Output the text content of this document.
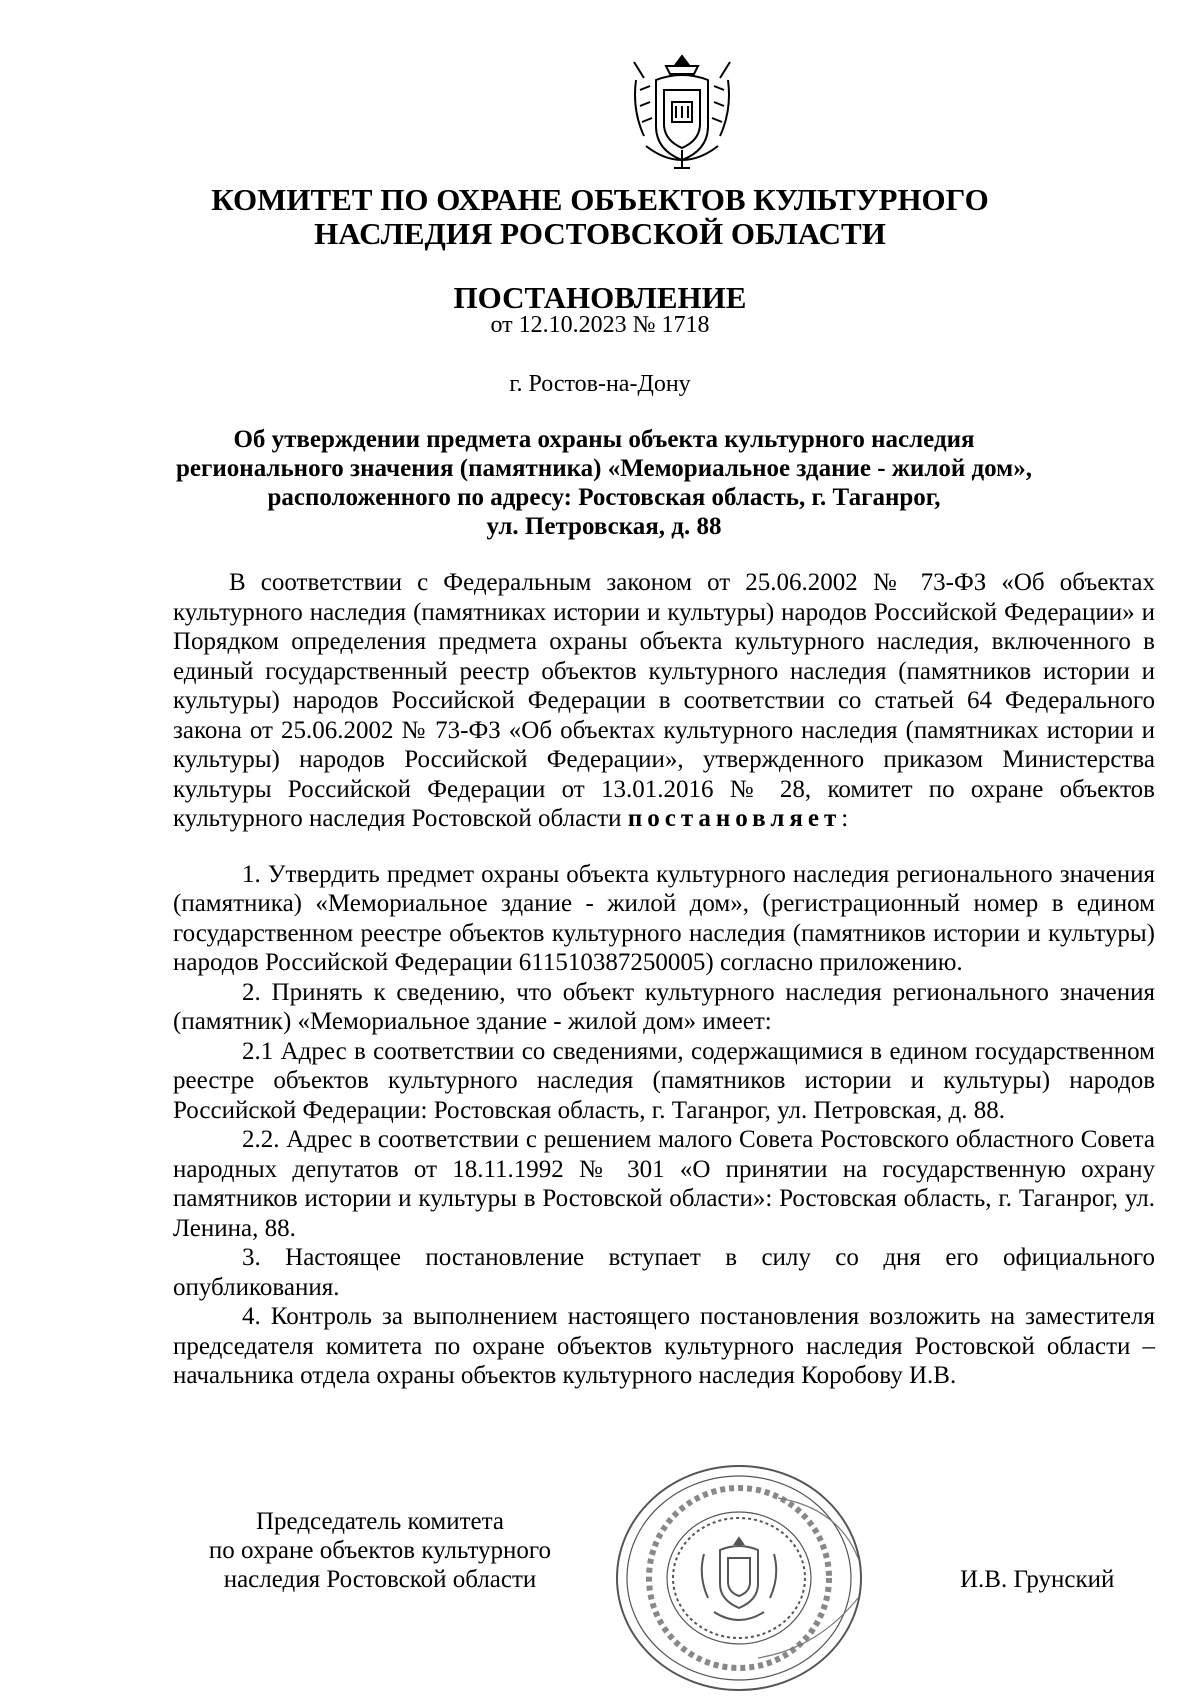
КОМИТЕТ ПО ОХРАНЕ ОБЪЕКТОВ КУЛЬТУРНОГО
НАСЛЕДИЯ РОСТОВСКОЙ ОБЛАСТИ
ПОСТАНОВЛЕНИЕ
от 12.10.2023 № 1718
г. Ростов-на-Дону
Об утверждении предмета охраны объекта культурного наследия
регионального значения (памятника) «Мемориальное здание - жилой дом»,
расположенного по адресу: Ростовская область, г. Таганрог,
ул. Петровская, д. 88

В соответствии с Федеральным законом от 25.06.2002 № 73-ФЗ «Об объектах культурного наследия (памятниках истории и культуры) народов Российской Федерации» и Порядком определения предмета охраны объекта культурного наследия, включенного в единый государственный реестр объектов культурного наследия (памятников истории и культуры) народов Российской Федерации в соответствии со статьей 64 Федерального закона от 25.06.2002 № 73-ФЗ «Об объектах культурного наследия (памятниках истории и культуры) народов Российской Федерации», утвержденного приказом Министерства культуры Российской Федерации от 13.01.2016 № 28, комитет по охране объектов культурного наследия Ростовской области постановляет:

1. Утвердить предмет охраны объекта культурного наследия регионального значения (памятника) «Мемориальное здание - жилой дом», (регистрационный номер в едином государственном реестре объектов культурного наследия (памятников истории и культуры) народов Российской Федерации 611510387250005) согласно приложению.

2. Принять к сведению, что объект культурного наследия регионального значения (памятник) «Мемориальное здание - жилой дом» имеет:

2.1 Адрес в соответствии со сведениями, содержащимися в едином государственном реестре объектов культурного наследия (памятников истории и культуры) народов Российской Федерации: Ростовская область, г. Таганрог, ул. Петровская, д. 88.

2.2. Адрес в соответствии с решением малого Совета Ростовского областного Совета народных депутатов от 18.11.1992 № 301 «О принятии на государственную охрану памятников истории и культуры в Ростовской области»: Ростовская область, г. Таганрог, ул. Ленина, 88.

3. Настоящее постановление вступает в силу со дня его официального опубликования.

4. Контроль за выполнением настоящего постановления возложить на заместителя председателя комитета по охране объектов культурного наследия Ростовской области – начальника отдела охраны объектов культурного наследия Коробову И.В.

Председатель комитета
по охране объектов культурного
наследия Ростовской области	И.В. Грунский
